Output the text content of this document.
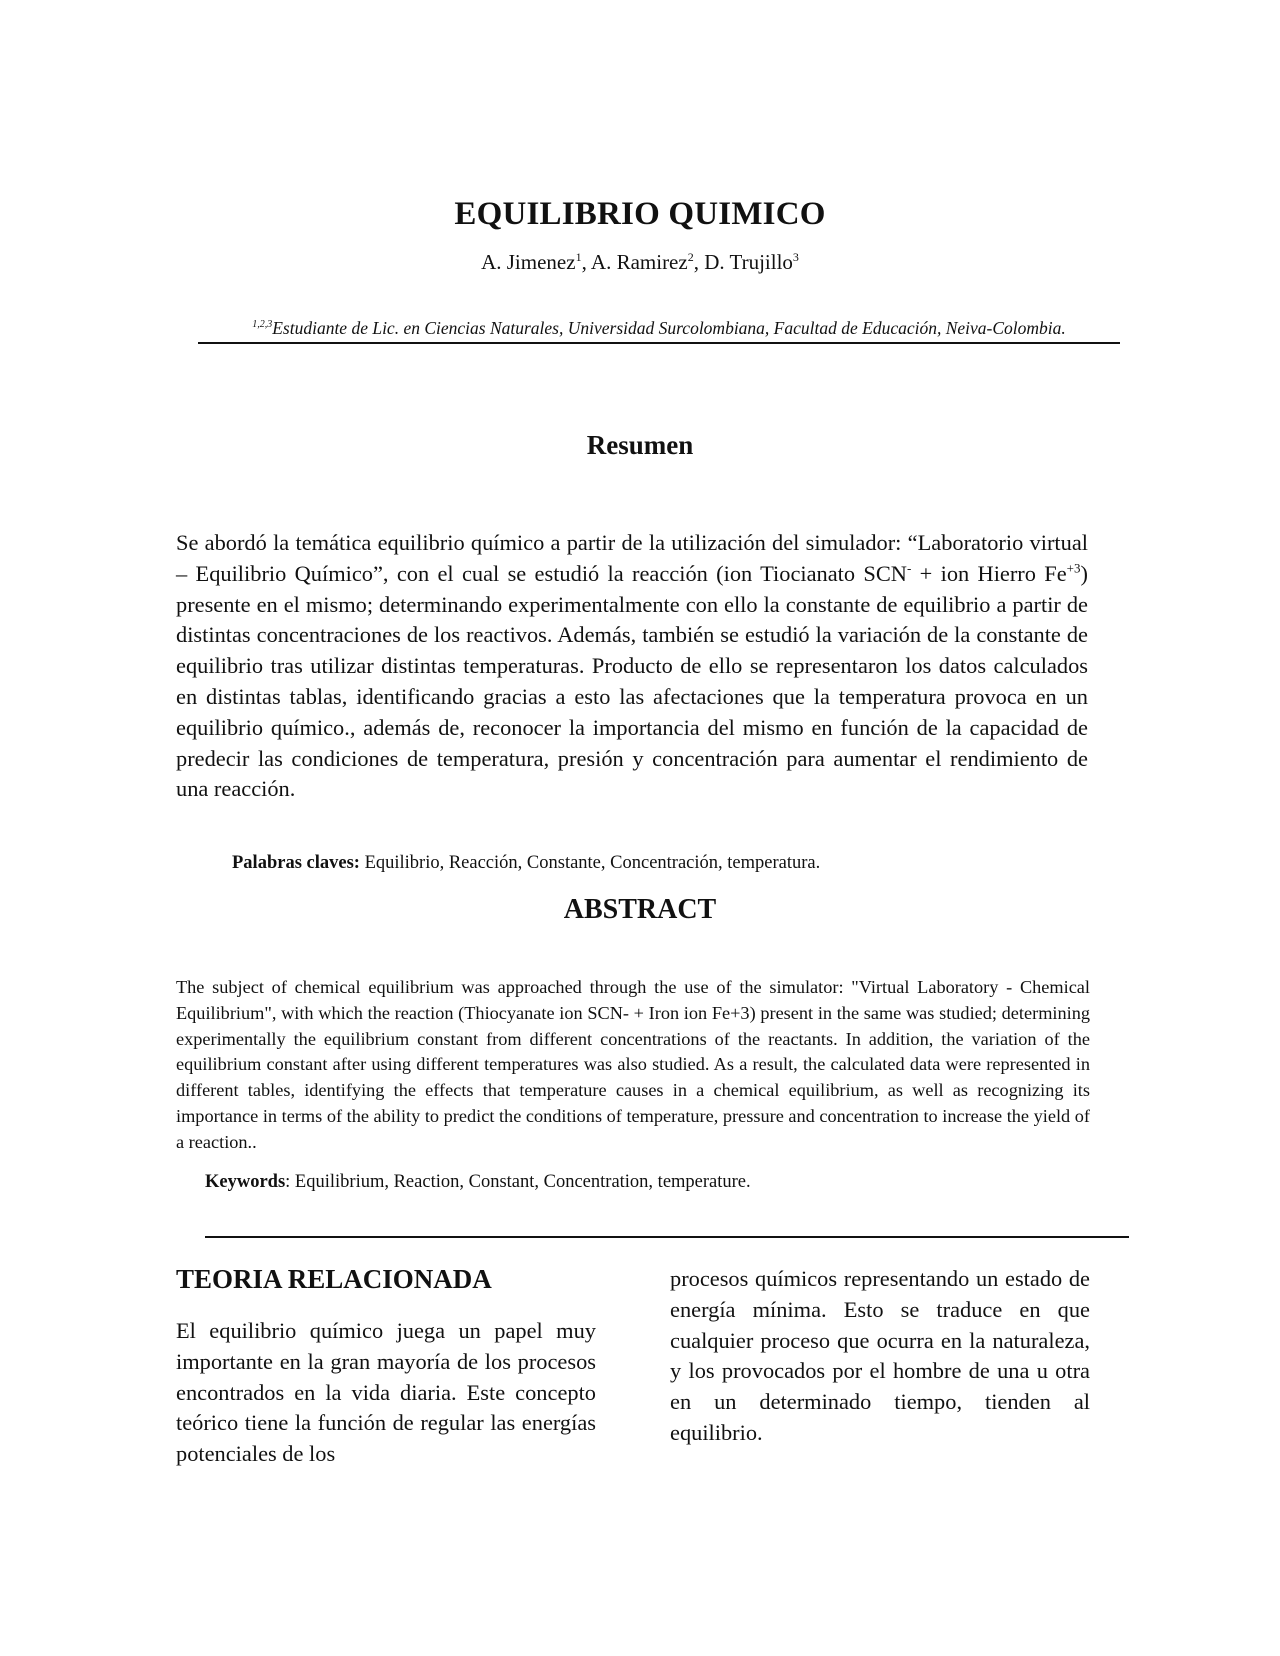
EQUILIBRIO QUIMICO
A. Jimenez$^1$, A. Ramirez$^2$, D. Trujillo$^3$
$^{1,2,3}$Estudiante de Lic. en Ciencias Naturales, Universidad Surcolombiana, Facultad de Educación, Neiva-Colombia.
Resumen
Se abordó la temática equilibrio químico a partir de la utilización del simulador: “Laboratorio virtual – Equilibrio Químico”, con el cual se estudió la reacción (ion Tiocianato SCN- + ion Hierro $Fe^{+3}$) presente en el mismo; determinando experimentalmente con ello la constante de equilibrio a partir de distintas concentraciones de los reactivos. Además, también se estudió la variación de la constante de equilibrio tras utilizar distintas temperaturas. Producto de ello se representaron los datos calculados en distintas tablas, identificando gracias a esto las afectaciones que la temperatura provoca en un equilibrio químico., además de, reconocer la importancia del mismo en función de la capacidad de predecir las condiciones de temperatura, presión y concentración para aumentar el rendimiento de una reacción.
Palabras claves: Equilibrio, Reacción, Constante, Concentración, temperatura.
ABSTRACT
The subject of chemical equilibrium was approached through the use of the simulator: "Virtual Laboratory - Chemical Equilibrium", with which the reaction (Thiocyanate ion SCN- + Iron ion Fe+3) present in the same was studied; determining experimentally the equilibrium constant from different concentrations of the reactants. In addition, the variation of the equilibrium constant after using different temperatures was also studied. As a result, the calculated data were represented in different tables, identifying the effects that temperature causes in a chemical equilibrium, as well as recognizing its importance in terms of the ability to predict the conditions of temperature, pressure and concentration to increase the yield of a reaction..
Keywords: Equilibrium, Reaction, Constant, Concentration, temperature.
TEORIA RELACIONADA
El equilibrio químico juega un papel muy importante en la gran mayoría de los procesos encontrados en la vida diaria. Este concepto teórico tiene la función de regular las energías potenciales de los
procesos químicos representando un estado de energía mínima. Esto se traduce en que cualquier proceso que ocurra en la naturaleza, y los provocados por el hombre de una u otra en un determinado tiempo, tienden al equilibrio.
